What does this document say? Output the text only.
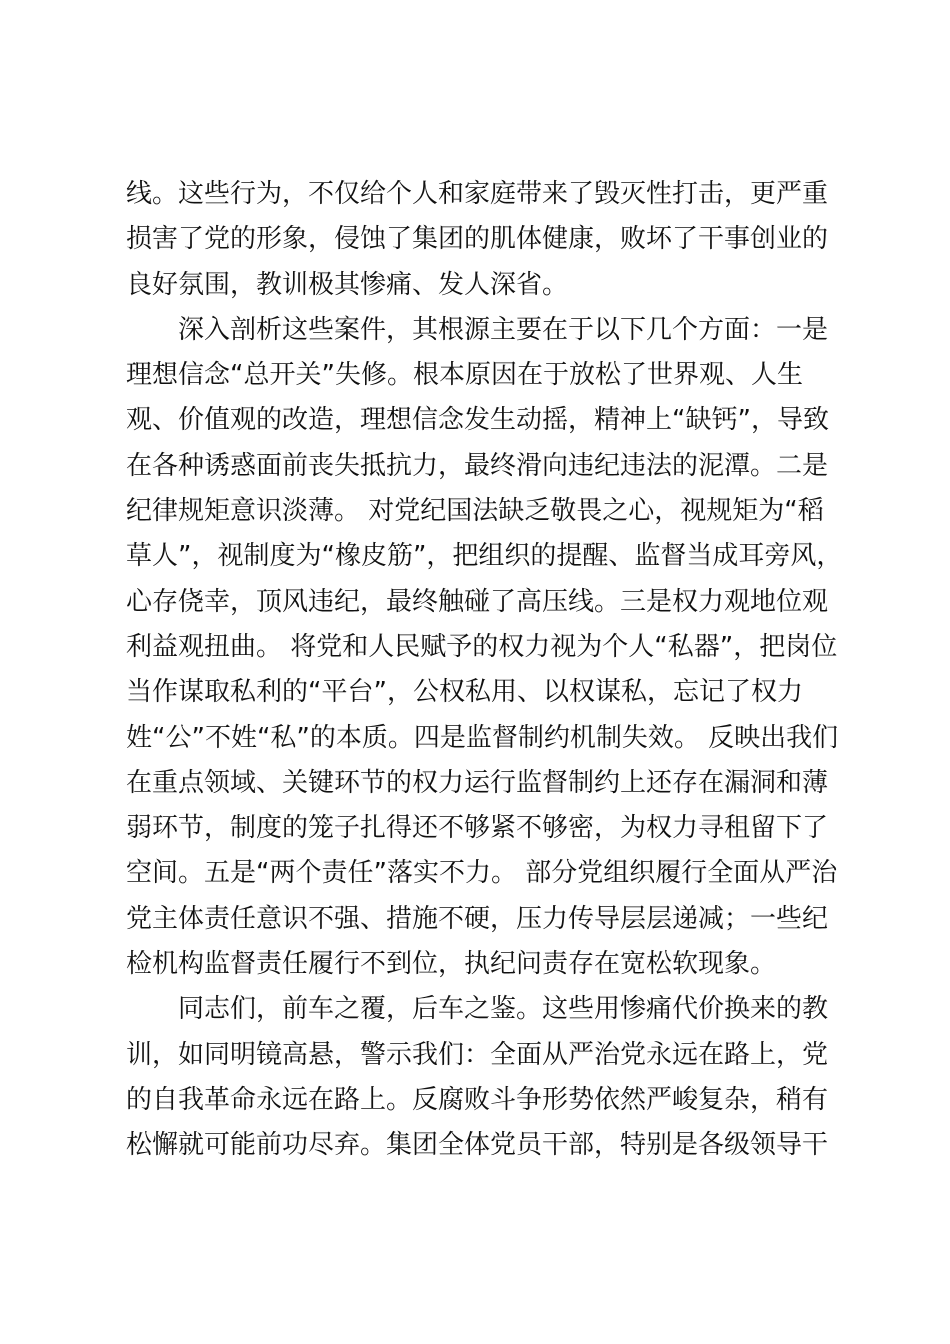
线。这些行为，不仅给个人和家庭带来了毁灭性打击，更严重
损害了党的形象，侵蚀了集团的肌体健康，败坏了干事创业的
良好氛围，教训极其惨痛、发人深省。
　　深入剖析这些案件，其根源主要在于以下几个方面：一是
理想信念“总开关”失修。根本原因在于放松了世界观、人生
观、价值观的改造，理想信念发生动摇，精神上“缺钙”，导致
在各种诱惑面前丧失抵抗力，最终滑向违纪违法的泥潭。二是
纪律规矩意识淡薄。 对党纪国法缺乏敬畏之心，视规矩为“稻
草人”，视制度为“橡皮筋”，把组织的提醒、监督当成耳旁风，
心存侥幸，顶风违纪，最终触碰了高压线。三是权力观地位观
利益观扭曲。 将党和人民赋予的权力视为个人“私器”，把岗位
当作谋取私利的“平台”，公权私用、以权谋私，忘记了权力
姓“公”不姓“私”的本质。四是监督制约机制失效。 反映出我们
在重点领域、关键环节的权力运行监督制约上还存在漏洞和薄
弱环节，制度的笼子扎得还不够紧不够密，为权力寻租留下了
空间。五是“两个责任”落实不力。 部分党组织履行全面从严治
党主体责任意识不强、措施不硬，压力传导层层递减；一些纪
检机构监督责任履行不到位，执纪问责存在宽松软现象。
　　同志们，前车之覆，后车之鉴。这些用惨痛代价换来的教
训，如同明镜高悬，警示我们：全面从严治党永远在路上，党
的自我革命永远在路上。反腐败斗争形势依然严峻复杂，稍有
松懈就可能前功尽弃。集团全体党员干部，特别是各级领导干
